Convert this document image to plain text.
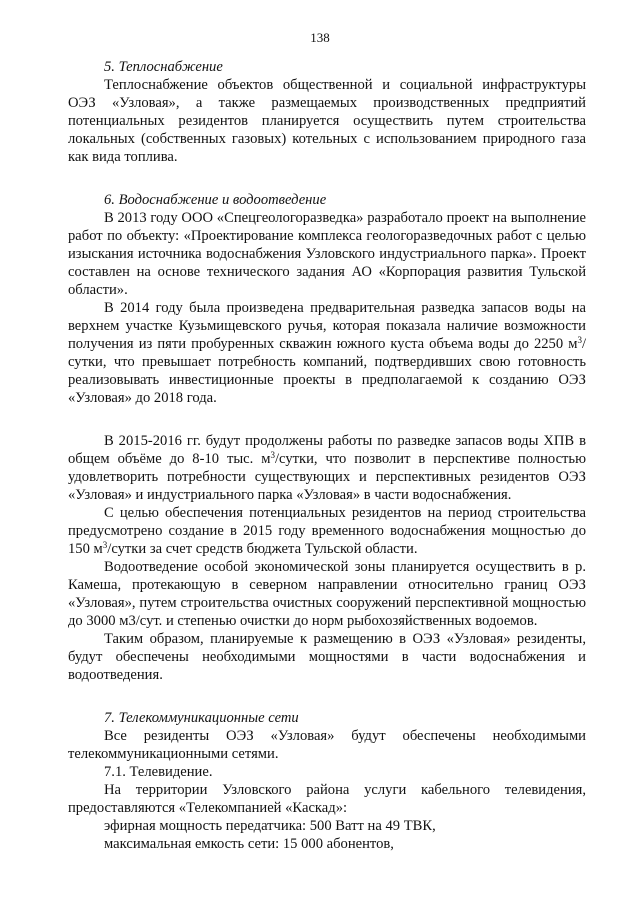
138

5. Теплоснабжение

Теплоснабжение объектов общественной и социальной инфраструктуры ОЭЗ «Узловая», а также размещаемых производственных предприятий потенциальных резидентов планируется осуществить путем строительства локальных (собственных газовых) котельных с использованием природного газа как вида топлива.

6. Водоснабжение и водоотведение

В 2013 году ООО «Спецгеологоразведка» разработало проект на выполнение работ по объекту: «Проектирование комплекса геологоразведочных работ с целью изыскания источника водоснабжения Узловского индустриального парка». Проект составлен на основе технического задания АО «Корпорация развития Тульской области».

В 2014 году была произведена предварительная разведка запасов воды на верхнем участке Кузьмищевского ручья, которая показала наличие возможности получения из пяти пробуренных скважин южного куста объема воды до 2250 $м^3$/сутки, что превышает потребность компаний, подтвердивших свою готовность реализовывать инвестиционные проекты в предполагаемой к созданию ОЭЗ «Узловая» до 2018 года.

В 2015-2016 гг. будут продолжены работы по разведке запасов воды ХПВ в общем объёме до 8-10 тыс. $м^3$/сутки, что позволит в перспективе полностью удовлетворить потребности существующих и перспективных резидентов ОЭЗ «Узловая» и индустриального парка «Узловая» в части водоснабжения.

С целью обеспечения потенциальных резидентов на период строительства предусмотрено создание в 2015 году временного водоснабжения мощностью до 150 $м^3$/сутки за счет средств бюджета Тульской области.

Водоотведение особой экономической зоны планируется осуществить в р. Камеша, протекающую в северном направлении относительно границ ОЭЗ «Узловая», путем строительства очистных сооружений перспективной мощностью до 3000 м3/сут. и степенью очистки до норм рыбохозяйственных водоемов.

Таким образом, планируемые к размещению в ОЭЗ «Узловая» резиденты, будут обеспечены необходимыми мощностями в части водоснабжения и водоотведения.

7. Телекоммуникационные сети

Все резиденты ОЭЗ «Узловая» будут обеспечены необходимыми телекоммуникационными сетями.

7.1. Телевидение.

На территории Узловского района услуги кабельного телевидения, предоставляются «Телекомпанией «Каскад»:

эфирная мощность передатчика: 500 Ватт на 49 ТВК,

максимальная емкость сети: 15 000 абонентов,
